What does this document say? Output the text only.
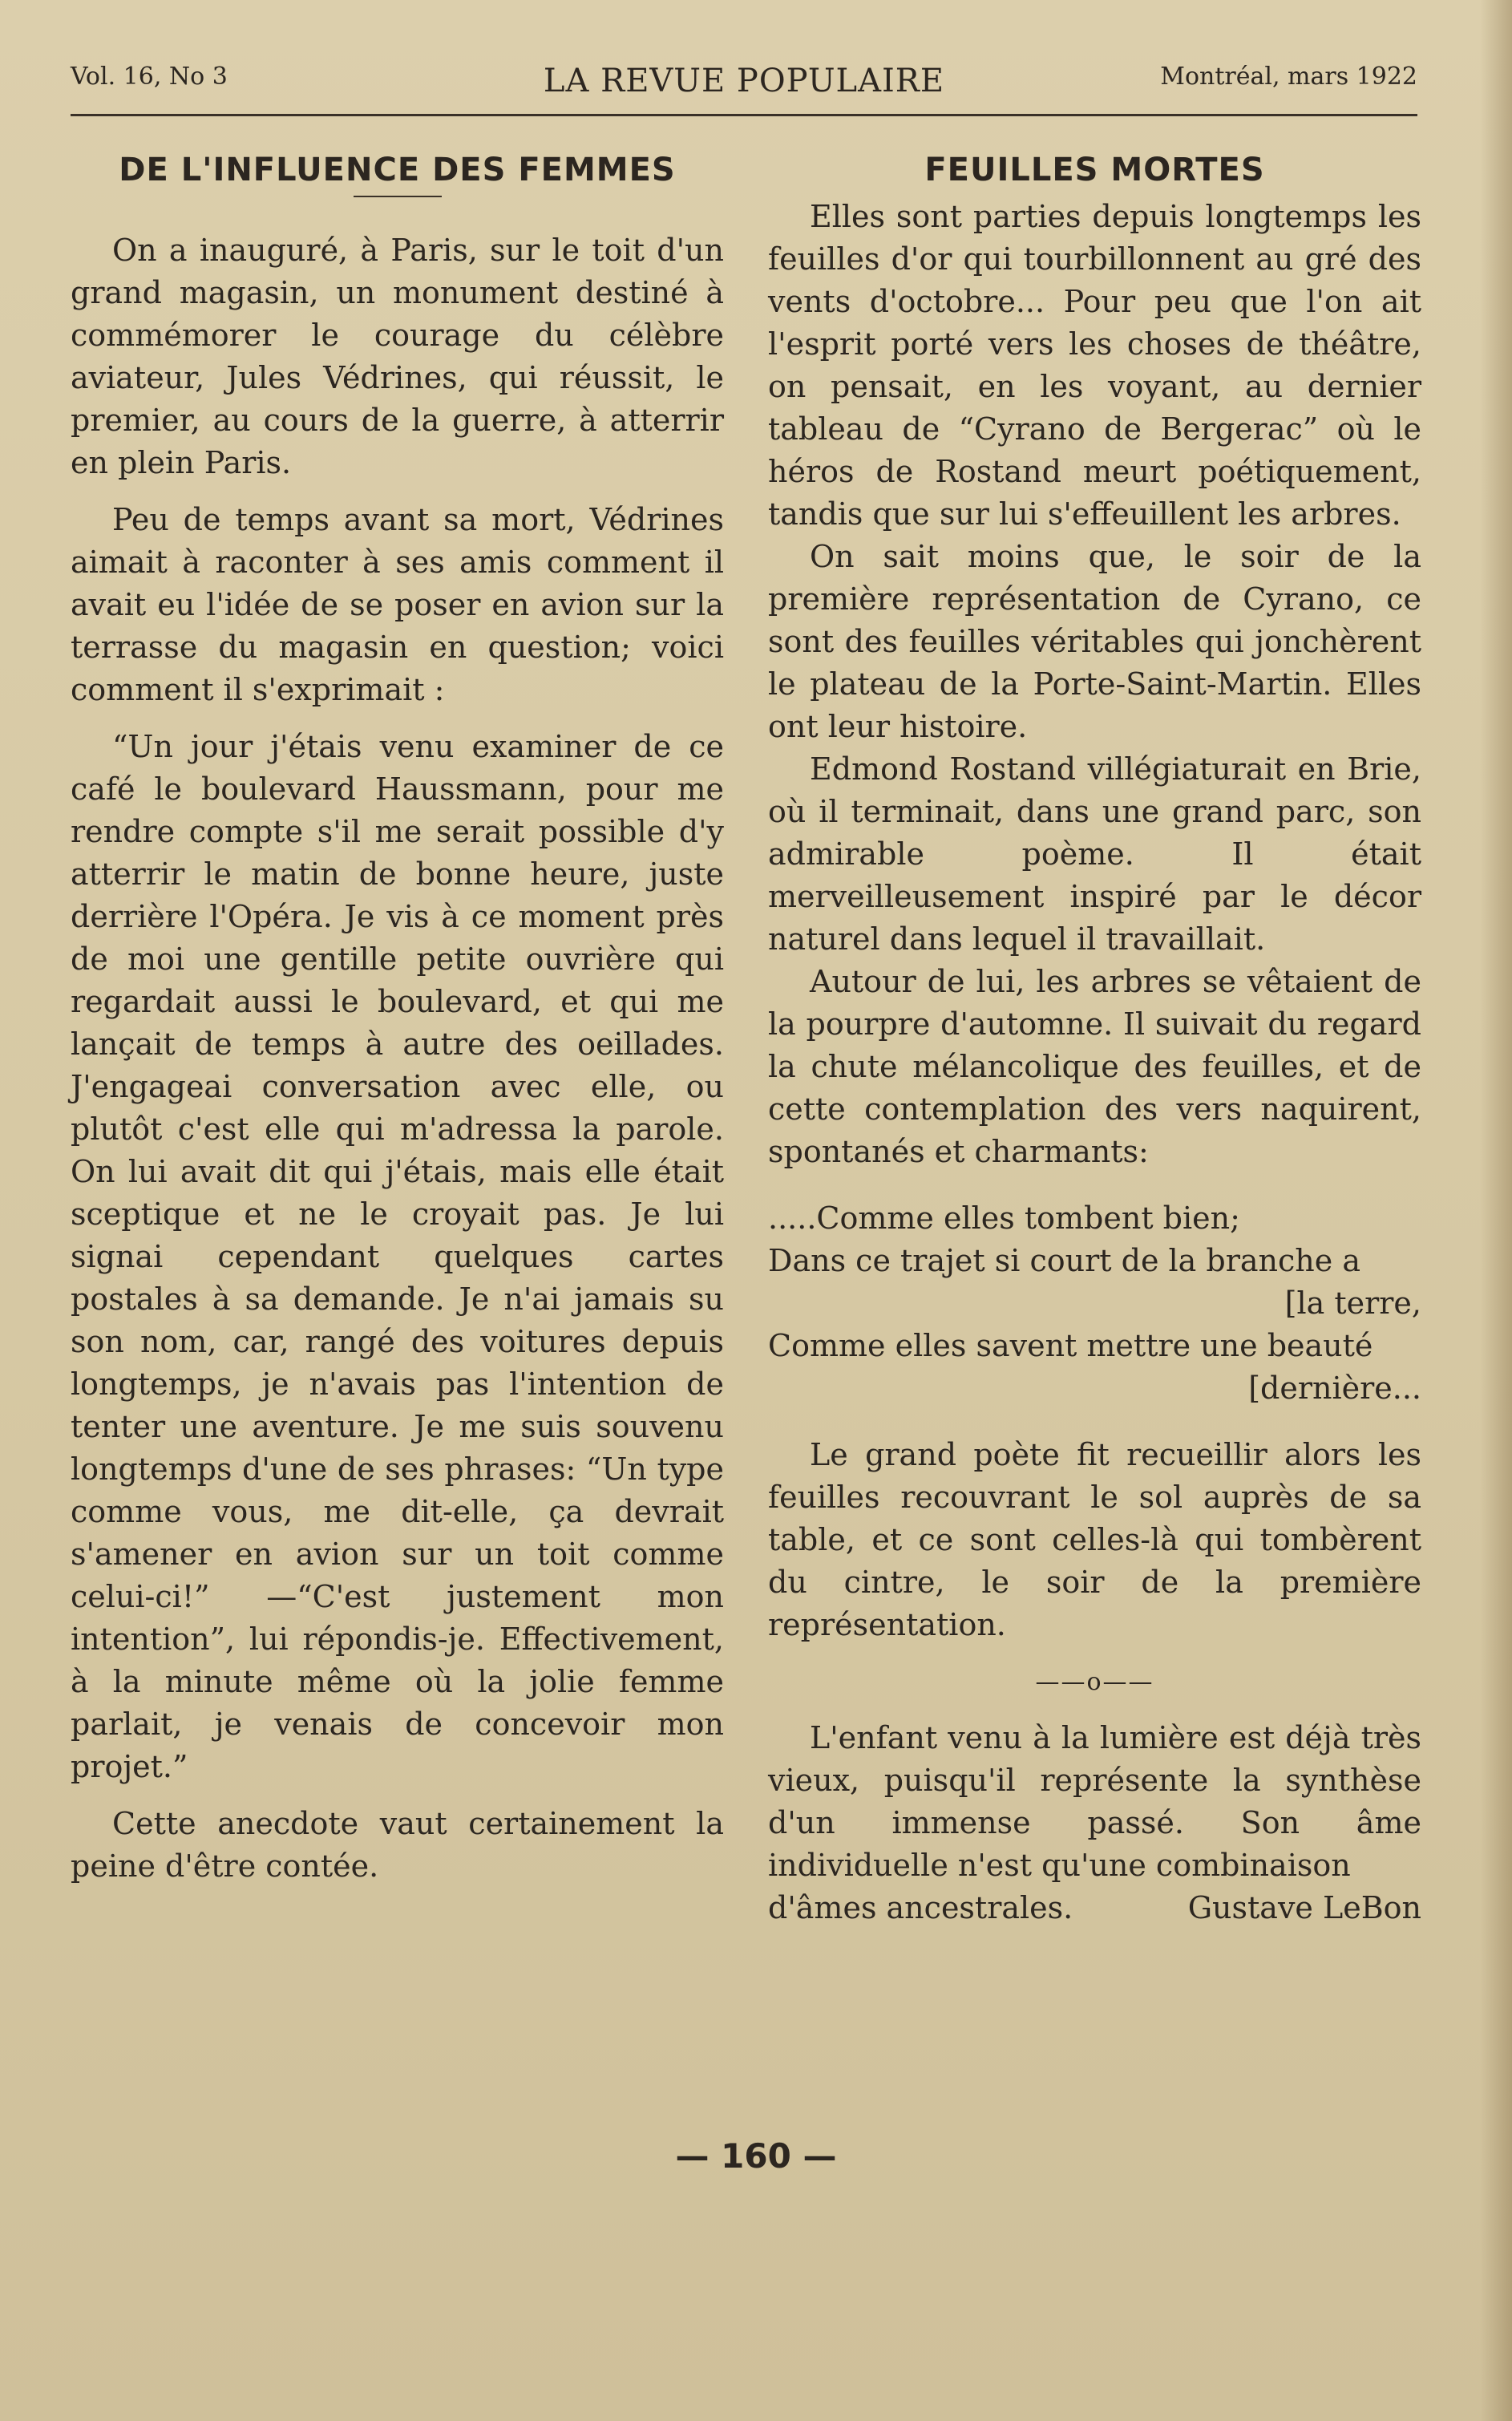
Vol. 16, No 3	LA REVUE POPULAIRE	Montréal, mars 1922
DE L'INFLUENCE DES FEMMES

On a inauguré, à Paris, sur le toit d'un grand magasin, un monument destiné à commémorer le courage du célèbre aviateur, Jules Védrines, qui réussit, le premier, au cours de la guerre, à atterrir en plein Paris.

Peu de temps avant sa mort, Védrines aimait à raconter à ses amis comment il avait eu l'idée de se poser en avion sur la terrasse du magasin en question; voici comment il s'exprimait :

“Un jour j'étais venu examiner de ce café le boulevard Haussmann, pour me rendre compte s'il me serait possible d'y atterrir le matin de bonne heure, juste derrière l'Opéra. Je vis à ce moment près de moi une gentille petite ouvrière qui regardait aussi le boulevard, et qui me lançait de temps à autre des oeillades. J'engageai conversation avec elle, ou plutôt c'est elle qui m'adressa la parole. On lui avait dit qui j'étais, mais elle était sceptique et ne le croyait pas. Je lui signai cependant quelques cartes postales à sa demande. Je n'ai jamais su son nom, car, rangé des voitures depuis longtemps, je n'avais pas l'intention de tenter une aventure. Je me suis souvenu longtemps d'une de ses phrases: “Un type comme vous, me dit-elle, ça devrait s'amener en avion sur un toit comme celui-ci!” —“C'est justement mon intention”, lui répondis-je. Effectivement, à la minute même où la jolie femme parlait, je venais de concevoir mon projet.”

Cette anecdote vaut certainement la peine d'être contée.

FEUILLES MORTES

Elles sont parties depuis longtemps les feuilles d'or qui tourbillonnent au gré des vents d'octobre... Pour peu que l'on ait l'esprit porté vers les choses de théâtre, on pensait, en les voyant, au dernier tableau de “Cyrano de Bergerac” où le héros de Rostand meurt poétiquement, tandis que sur lui s'effeuillent les arbres.

On sait moins que, le soir de la première représentation de Cyrano, ce sont des feuilles véritables qui jonchèrent le plateau de la Porte-Saint-Martin. Elles ont leur histoire.

Edmond Rostand villégiaturait en Brie, où il terminait, dans une grand parc, son admirable poème. Il était merveilleusement inspiré par le décor naturel dans lequel il travaillait.

Autour de lui, les arbres se vêtaient de la pourpre d'automne. Il suivait du regard la chute mélancolique des feuilles, et de cette contemplation des vers naquirent, spontanés et charmants:

.....Comme elles tombent bien;
Dans ce trajet si court de la branche a
[la terre,
Comme elles savent mettre une beauté
[dernière...

Le grand poète fit recueillir alors les feuilles recouvrant le sol auprès de sa table, et ce sont celles-là qui tombèrent du cintre, le soir de la première représentation.

——o——

L'enfant venu à la lumière est déjà très vieux, puisqu'il représente la synthèse d'un immense passé. Son âme individuelle n'est qu'une combinaison

d'âmes ancestrales.	Gustave LeBon
— 160 —
